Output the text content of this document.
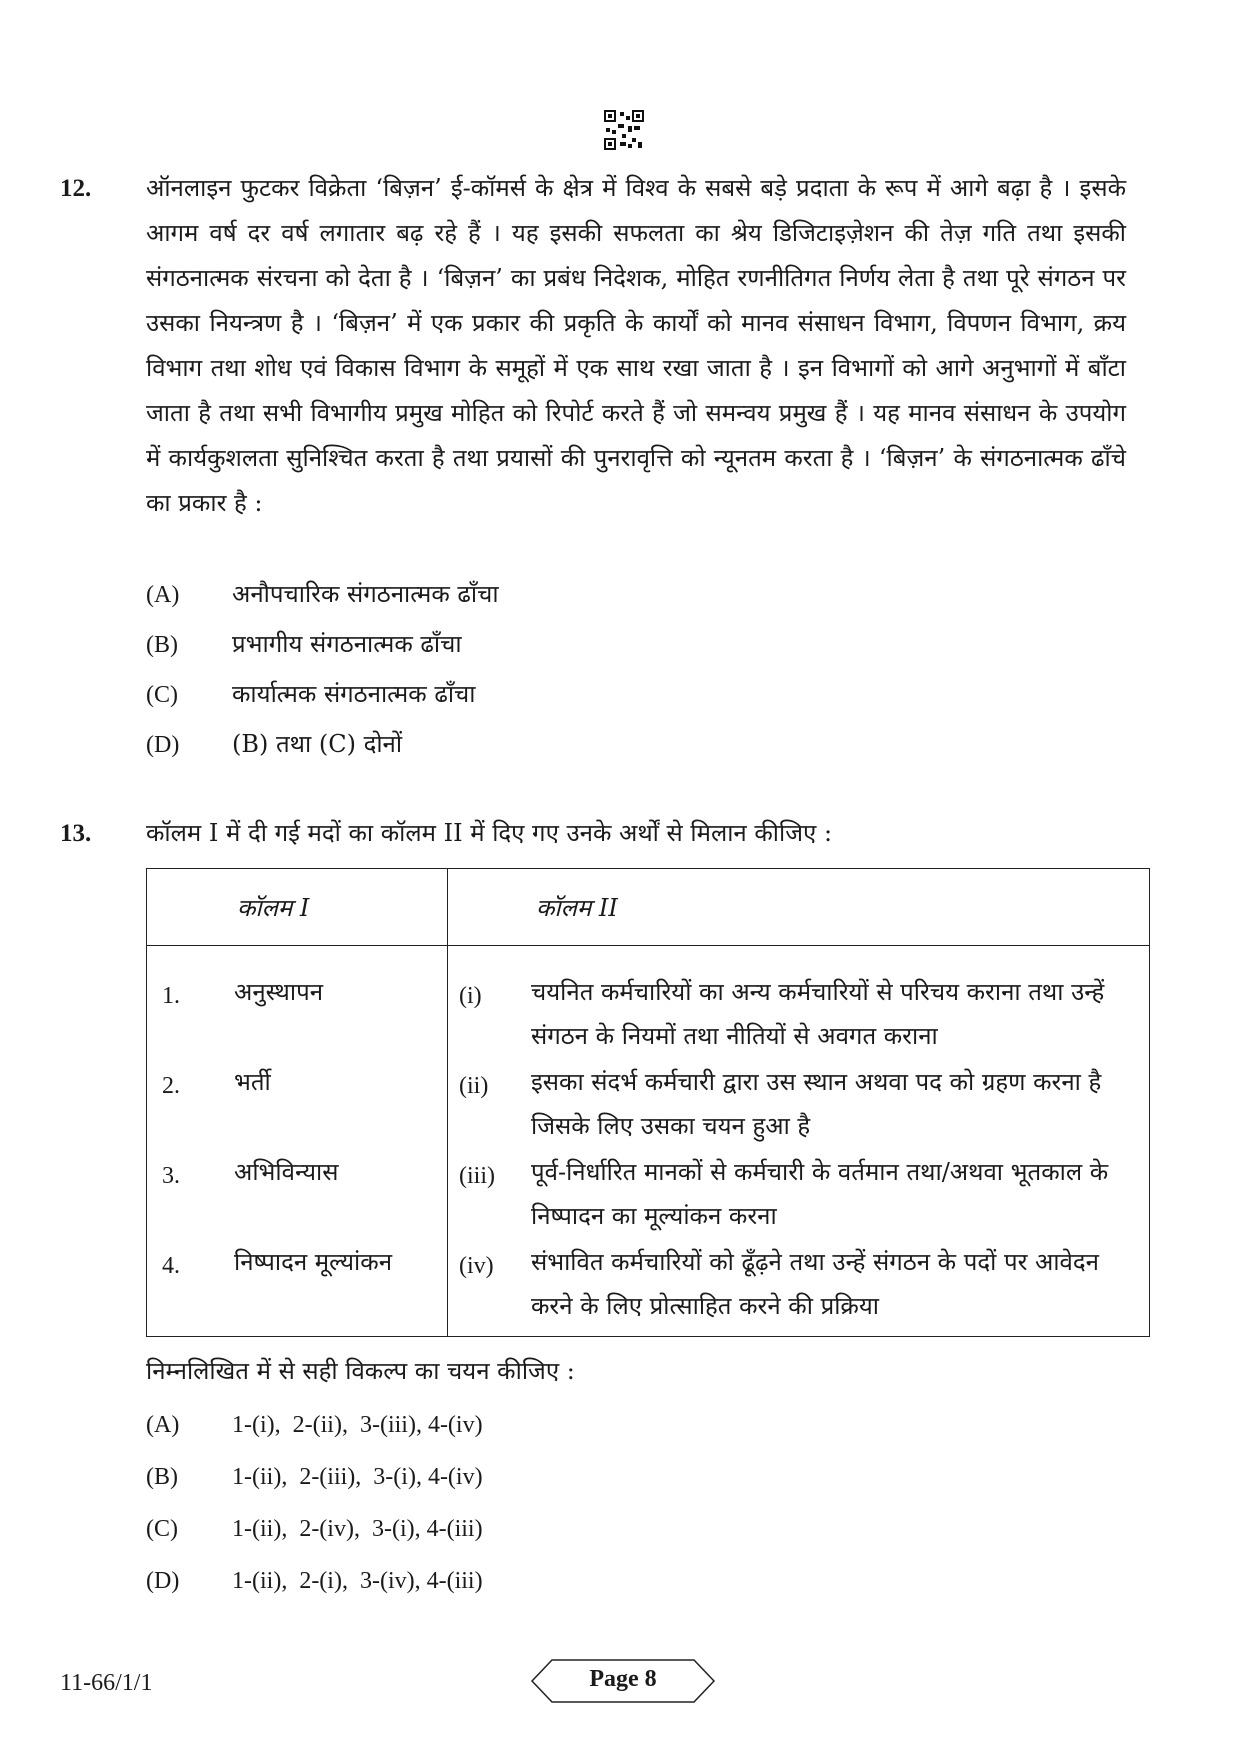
12. ऑनलाइन फुटकर विक्रेता ‘बिज़न’ ई-कॉमर्स के क्षेत्र में विश्व के सबसे बड़े प्रदाता के रूप में आगे बढ़ा है । इसके आगम वर्ष दर वर्ष लगातार बढ़ रहे हैं । यह इसकी सफलता का श्रेय डिजिटाइज़ेशन की तेज़ गति तथा इसकी संगठनात्मक संरचना को देता है । ‘बिज़न’ का प्रबंध निदेशक, मोहित रणनीतिगत निर्णय लेता है तथा पूरे संगठन पर उसका नियन्त्रण है । ‘बिज़न’ में एक प्रकार की प्रकृति के कार्यों को मानव संसाधन विभाग, विपणन विभाग, क्रय विभाग तथा शोध एवं विकास विभाग के समूहों में एक साथ रखा जाता है । इन विभागों को आगे अनुभागों में बाँटा जाता है तथा सभी विभागीय प्रमुख मोहित को रिपोर्ट करते हैं जो समन्वय प्रमुख हैं । यह मानव संसाधन के उपयोग में कार्यकुशलता सुनिश्चित करता है तथा प्रयासों की पुनरावृत्ति को न्यूनतम करता है । ‘बिज़न’ के संगठनात्मक ढाँचे का प्रकार है :
(A) अनौपचारिक संगठनात्मक ढाँचा
(B) प्रभागीय संगठनात्मक ढाँचा
(C) कार्यात्मक संगठनात्मक ढाँचा
(D) (B) तथा (C) दोनों
13. कॉलम I में दी गई मदों का कॉलम II में दिए गए उनके अर्थों से मिलान कीजिए :
कॉलम I	कॉलम II

1. अनुस्थापन	(i) चयनित कर्मचारियों का अन्य कर्मचारियों से परिचय कराना तथा उन्हें संगठन के नियमों तथा नीतियों से अवगत कराना

2. भर्ती	(ii) इसका संदर्भ कर्मचारी द्वारा उस स्थान अथवा पद को ग्रहण करना है जिसके लिए उसका चयन हुआ है

3. अभिविन्यास	(iii) पूर्व-निर्धारित मानकों से कर्मचारी के वर्तमान तथा/अथवा भूतकाल के निष्पादन का मूल्यांकन करना

4. निष्पादन मूल्यांकन	(iv) संभावित कर्मचारियों को ढूँढ़ने तथा उन्हें संगठन के पदों पर आवेदन करने के लिए प्रोत्साहित करने की प्रक्रिया
निम्नलिखित में से सही विकल्प का चयन कीजिए :
(A) 1-(i),  2-(ii),  3-(iii), 4-(iv)
(B) 1-(ii),  2-(iii),  3-(i), 4-(iv)
(C) 1-(ii),  2-(iv),  3-(i), 4-(iii)
(D) 1-(ii),  2-(i),  3-(iv), 4-(iii)
11-66/1/1	Page 8
